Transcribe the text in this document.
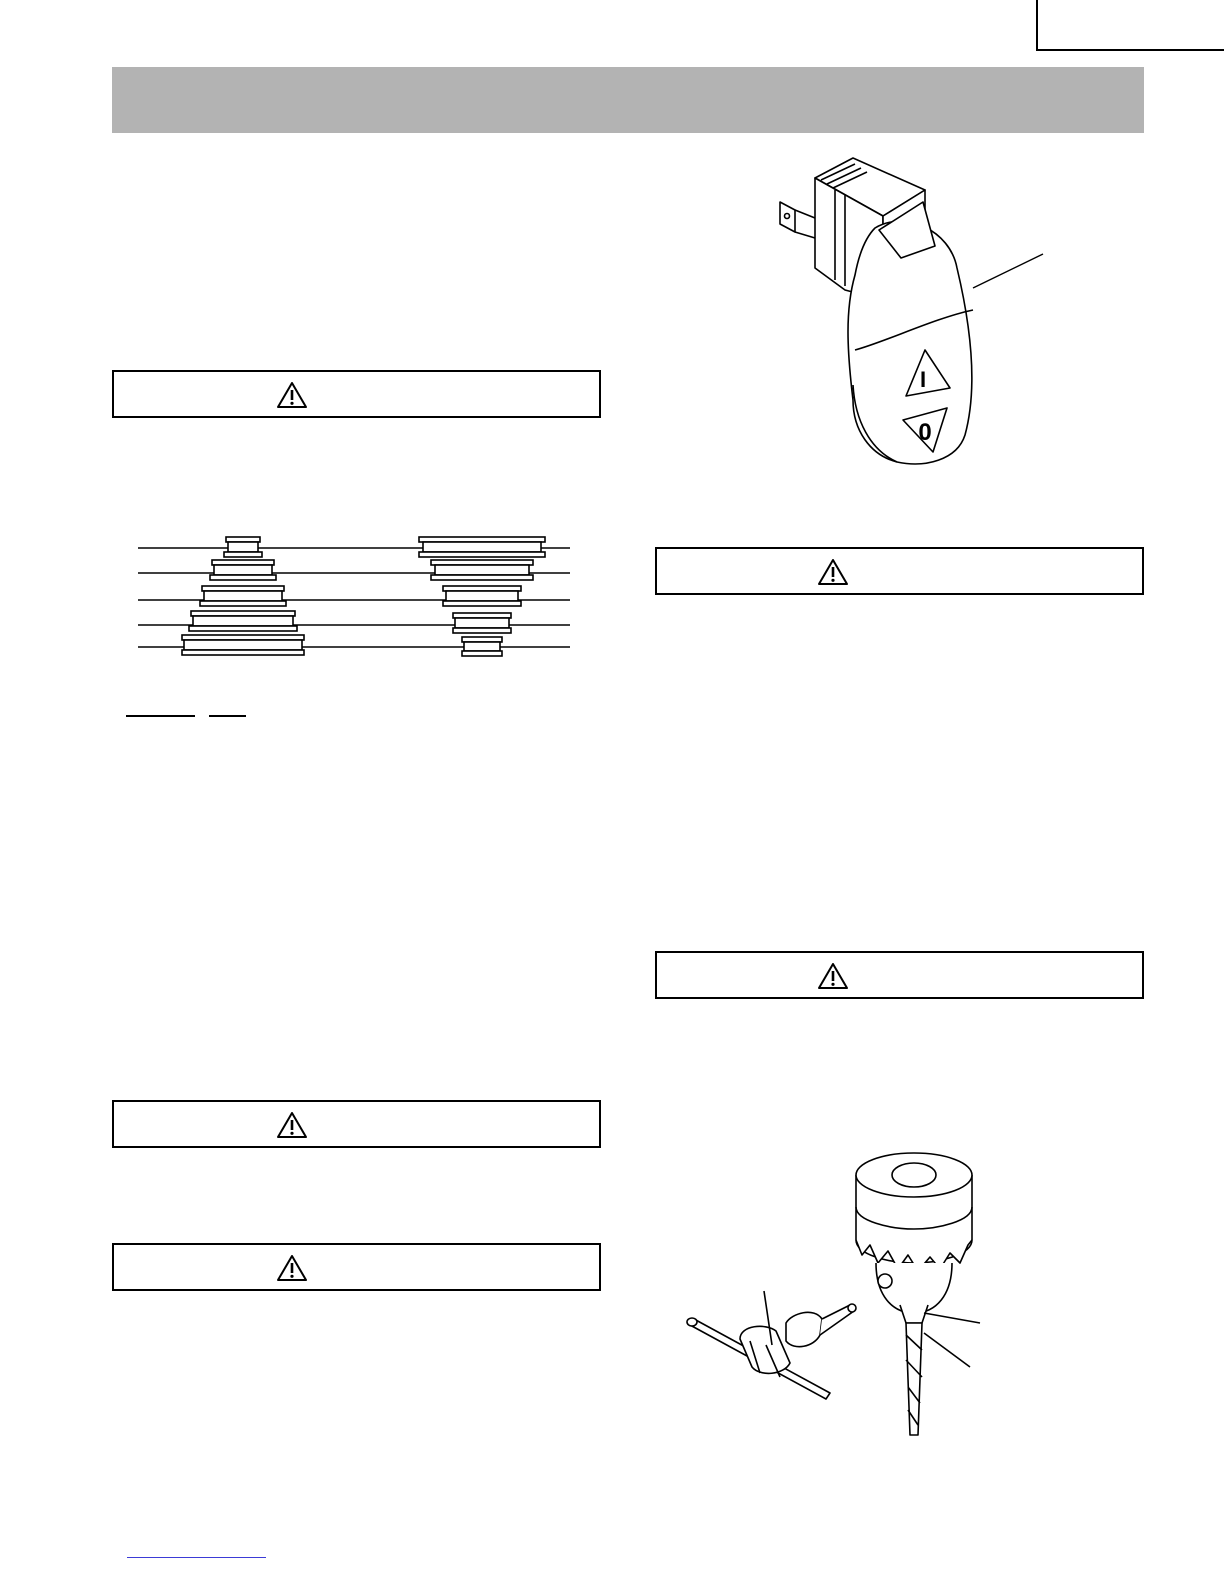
I
0
